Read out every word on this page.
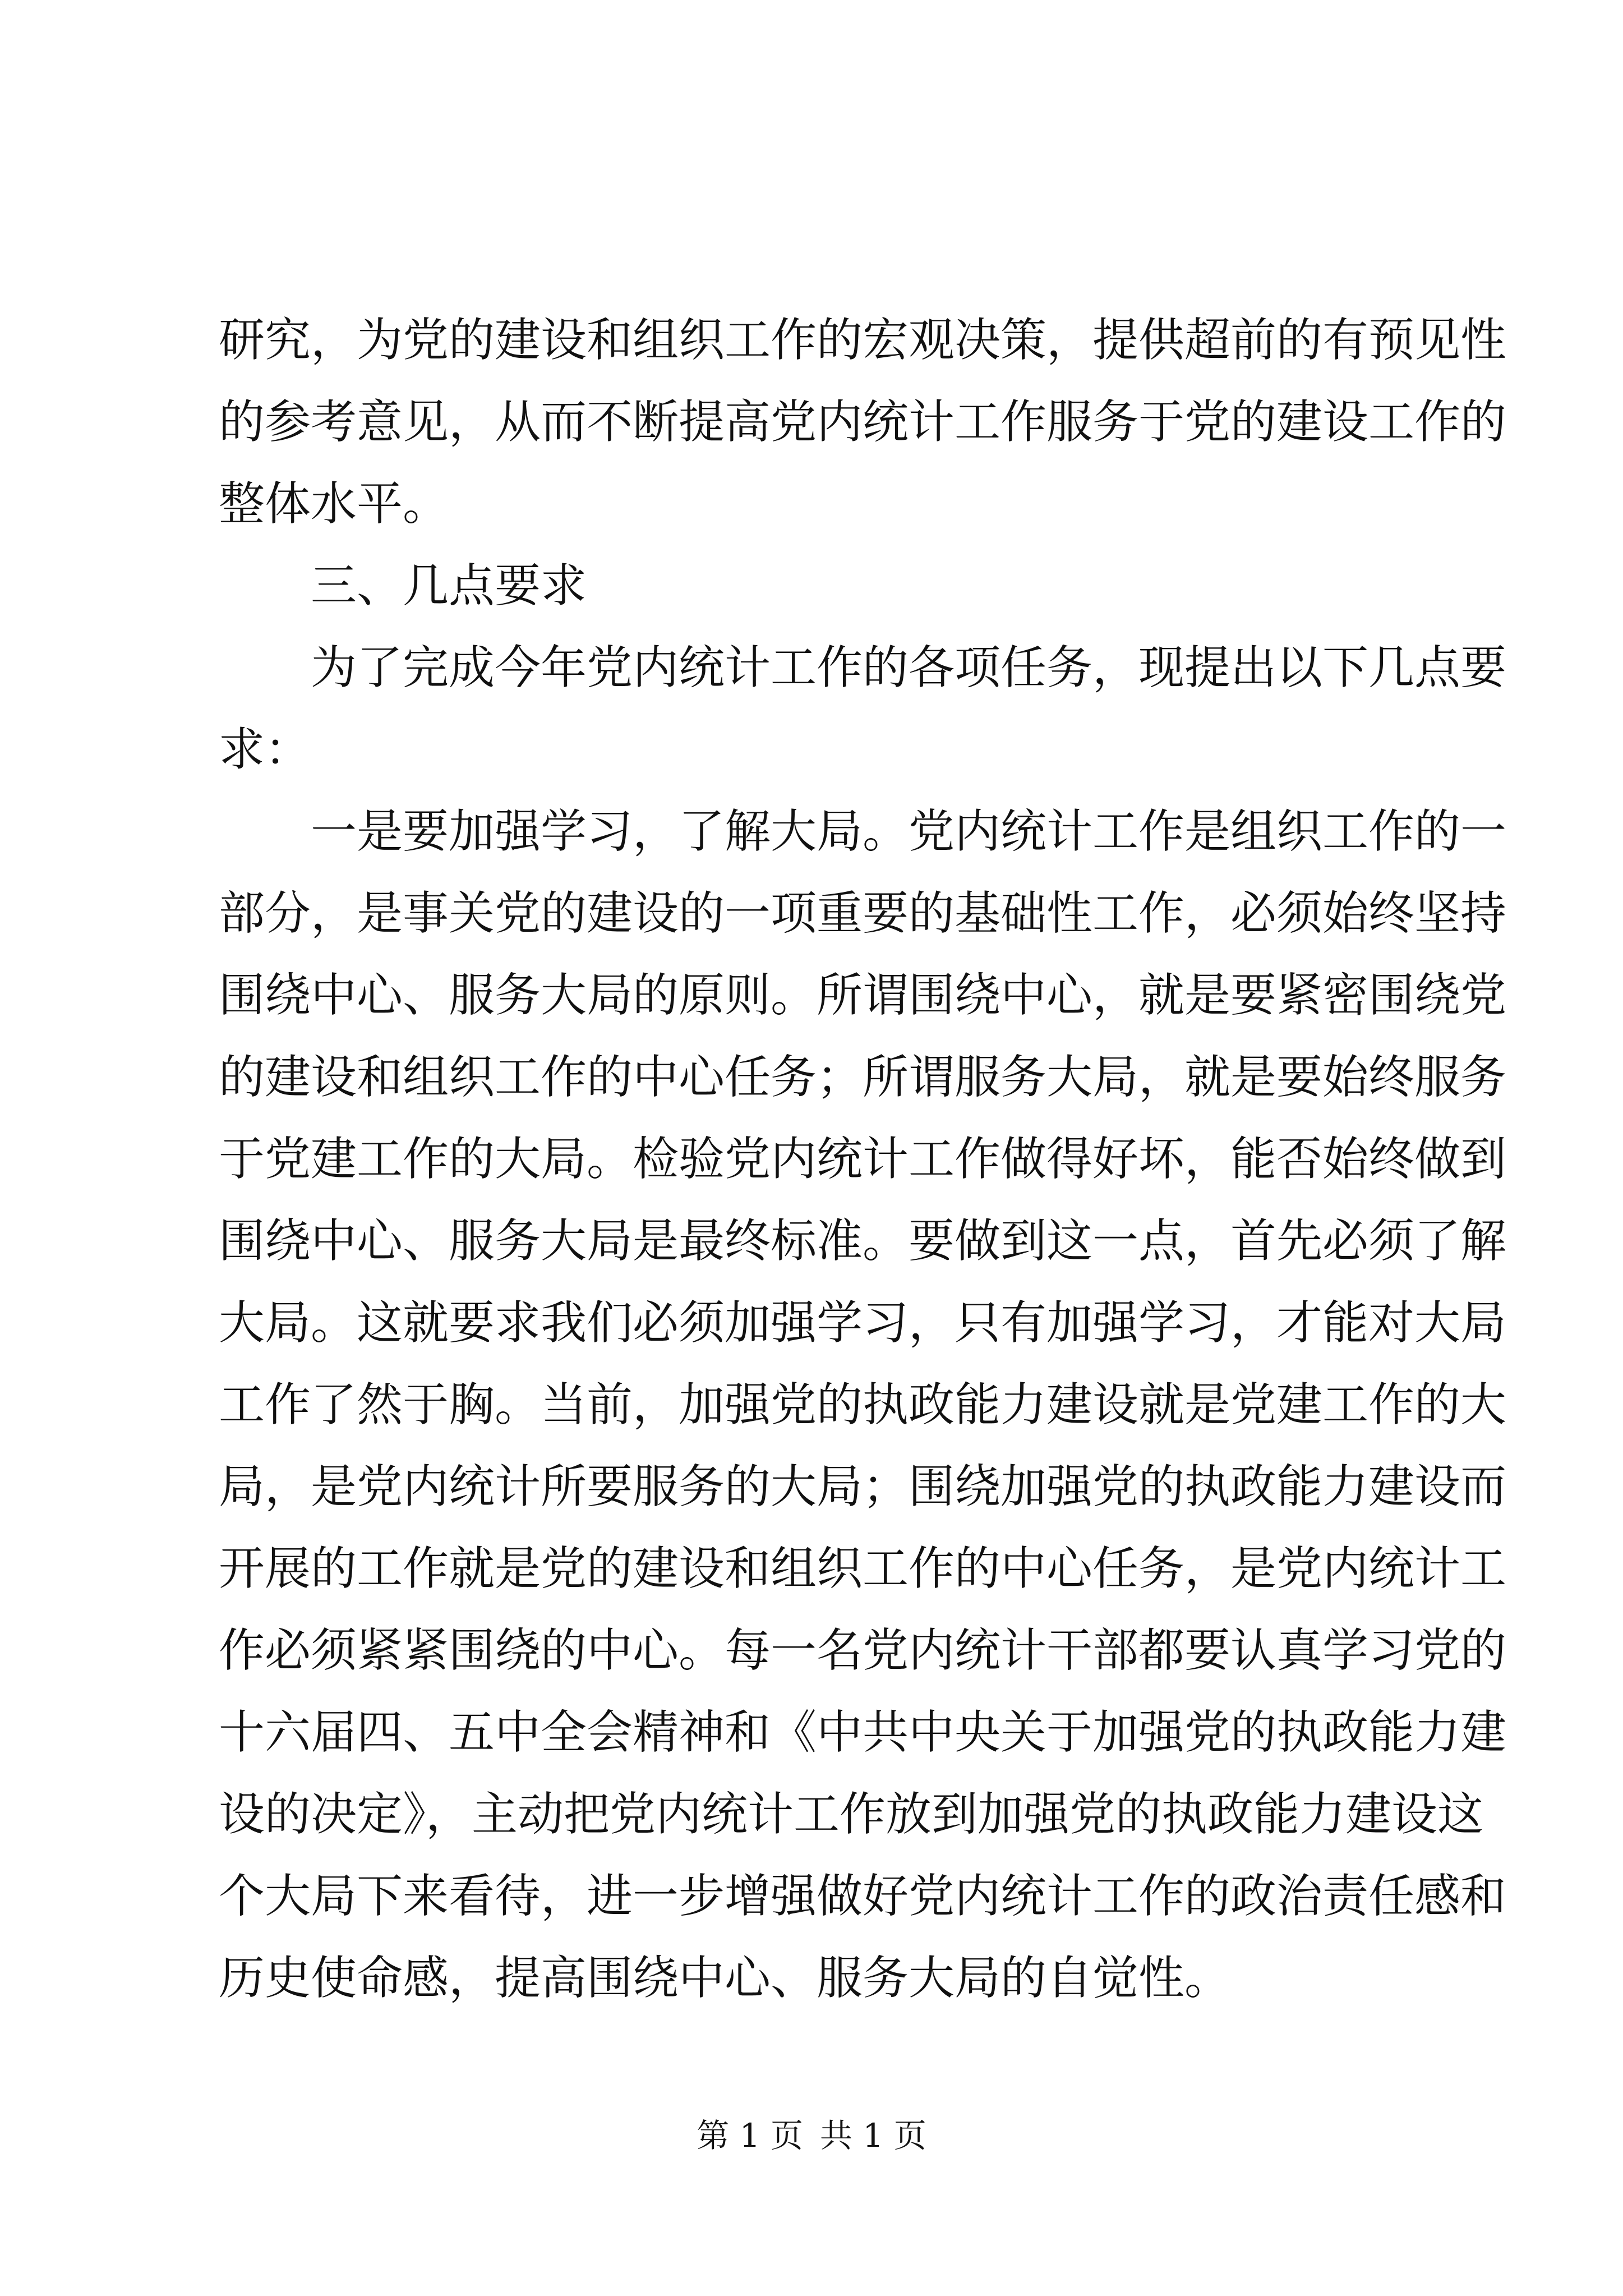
研究，为党的建设和组织工作的宏观决策，提供超前的有预见性
的参考意见，从而不断提高党内统计工作服务于党的建设工作的
整体水平。
三、几点要求
为了完成今年党内统计工作的各项任务，现提出以下几点要
求：
一是要加强学习，了解大局。党内统计工作是组织工作的一
部分，是事关党的建设的一项重要的基础性工作，必须始终坚持
围绕中心、服务大局的原则。所谓围绕中心，就是要紧密围绕党
的建设和组织工作的中心任务；所谓服务大局，就是要始终服务
于党建工作的大局。检验党内统计工作做得好坏，能否始终做到
围绕中心、服务大局是最终标准。要做到这一点，首先必须了解
大局。这就要求我们必须加强学习，只有加强学习，才能对大局
工作了然于胸。当前，加强党的执政能力建设就是党建工作的大
局，是党内统计所要服务的大局；围绕加强党的执政能力建设而
开展的工作就是党的建设和组织工作的中心任务，是党内统计工
作必须紧紧围绕的中心。每一名党内统计干部都要认真学习党的
十六届四、五中全会精神和《中共中央关于加强党的执政能力建
设的决定》，主动把党内统计工作放到加强党的执政能力建设这
个大局下来看待，进一步增强做好党内统计工作的政治责任感和
历史使命感，提高围绕中心、服务大局的自觉性。
第 1 页 共 1 页
